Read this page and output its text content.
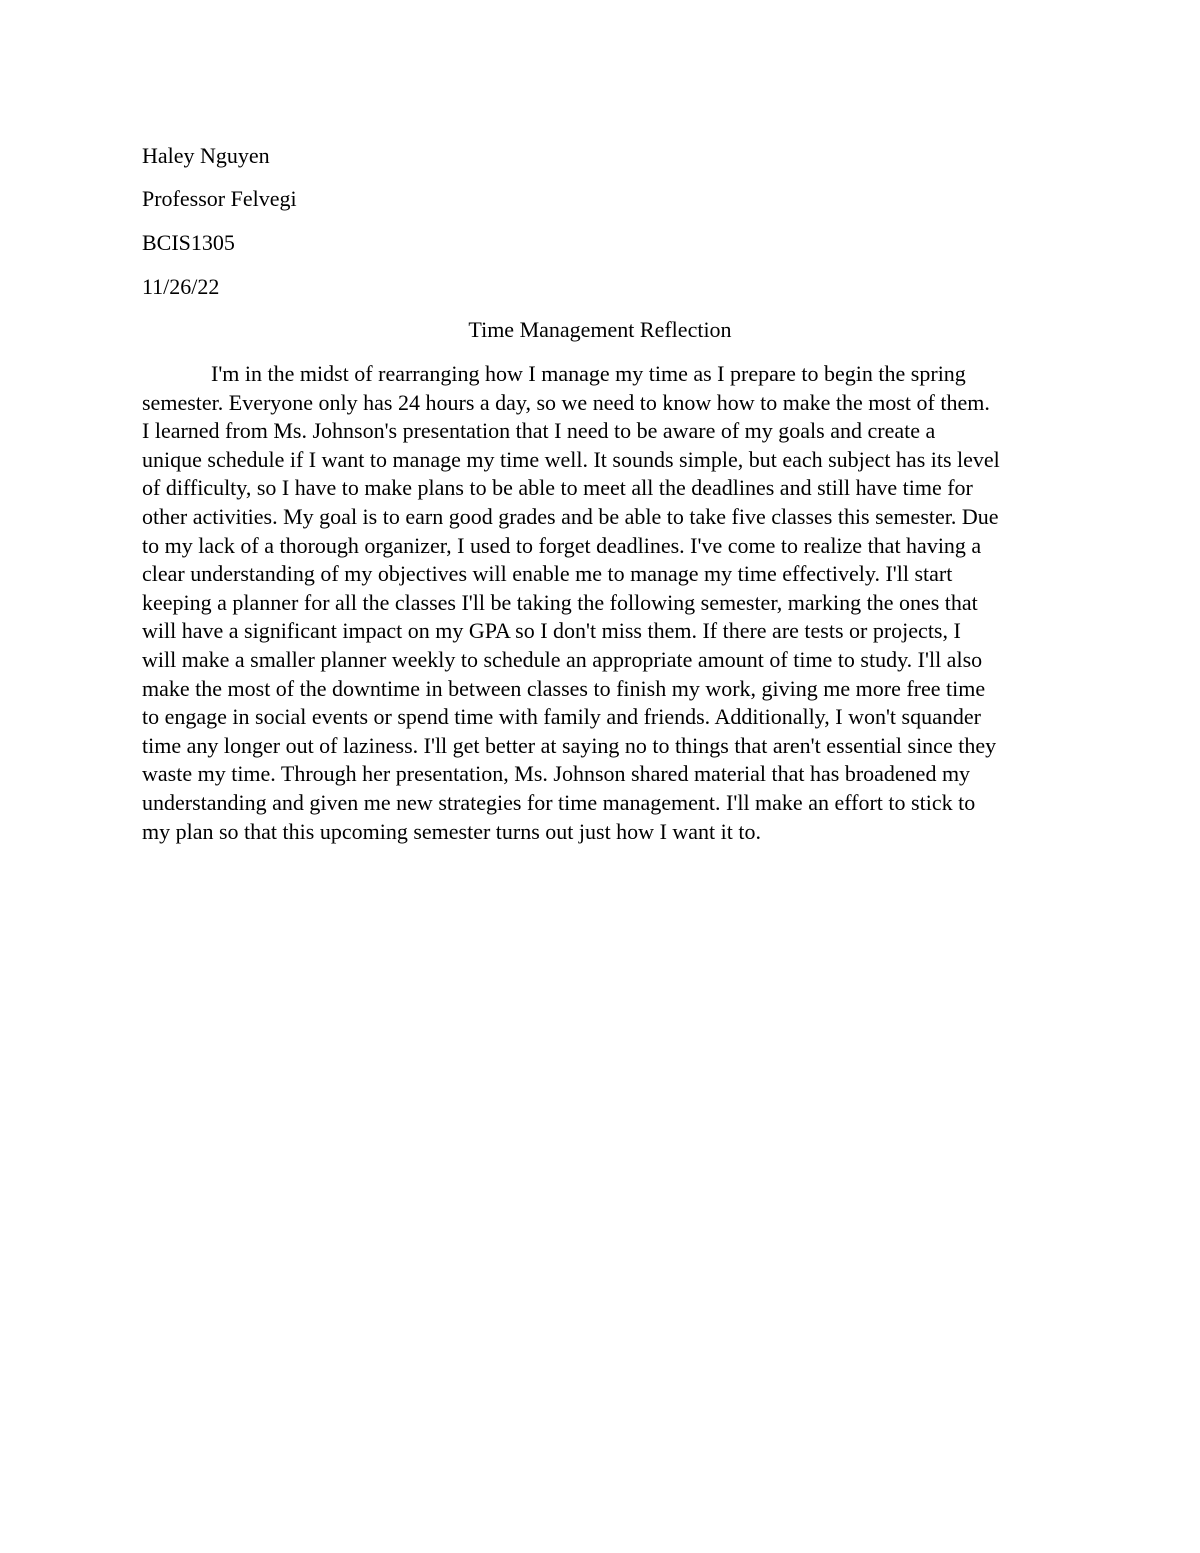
Haley Nguyen
Professor Felvegi
BCIS1305
11/26/22
Time Management Reflection
I'm in the midst of rearranging how I manage my time as I prepare to begin the spring
semester. Everyone only has 24 hours a day, so we need to know how to make the most of them.
I learned from Ms. Johnson's presentation that I need to be aware of my goals and create a
unique schedule if I want to manage my time well. It sounds simple, but each subject has its level
of difficulty, so I have to make plans to be able to meet all the deadlines and still have time for
other activities. My goal is to earn good grades and be able to take five classes this semester. Due
to my lack of a thorough organizer, I used to forget deadlines. I've come to realize that having a
clear understanding of my objectives will enable me to manage my time effectively. I'll start
keeping a planner for all the classes I'll be taking the following semester, marking the ones that
will have a significant impact on my GPA so I don't miss them. If there are tests or projects, I
will make a smaller planner weekly to schedule an appropriate amount of time to study. I'll also
make the most of the downtime in between classes to finish my work, giving me more free time
to engage in social events or spend time with family and friends. Additionally, I won't squander
time any longer out of laziness. I'll get better at saying no to things that aren't essential since they
waste my time. Through her presentation, Ms. Johnson shared material that has broadened my
understanding and given me new strategies for time management. I'll make an effort to stick to
my plan so that this upcoming semester turns out just how I want it to.
